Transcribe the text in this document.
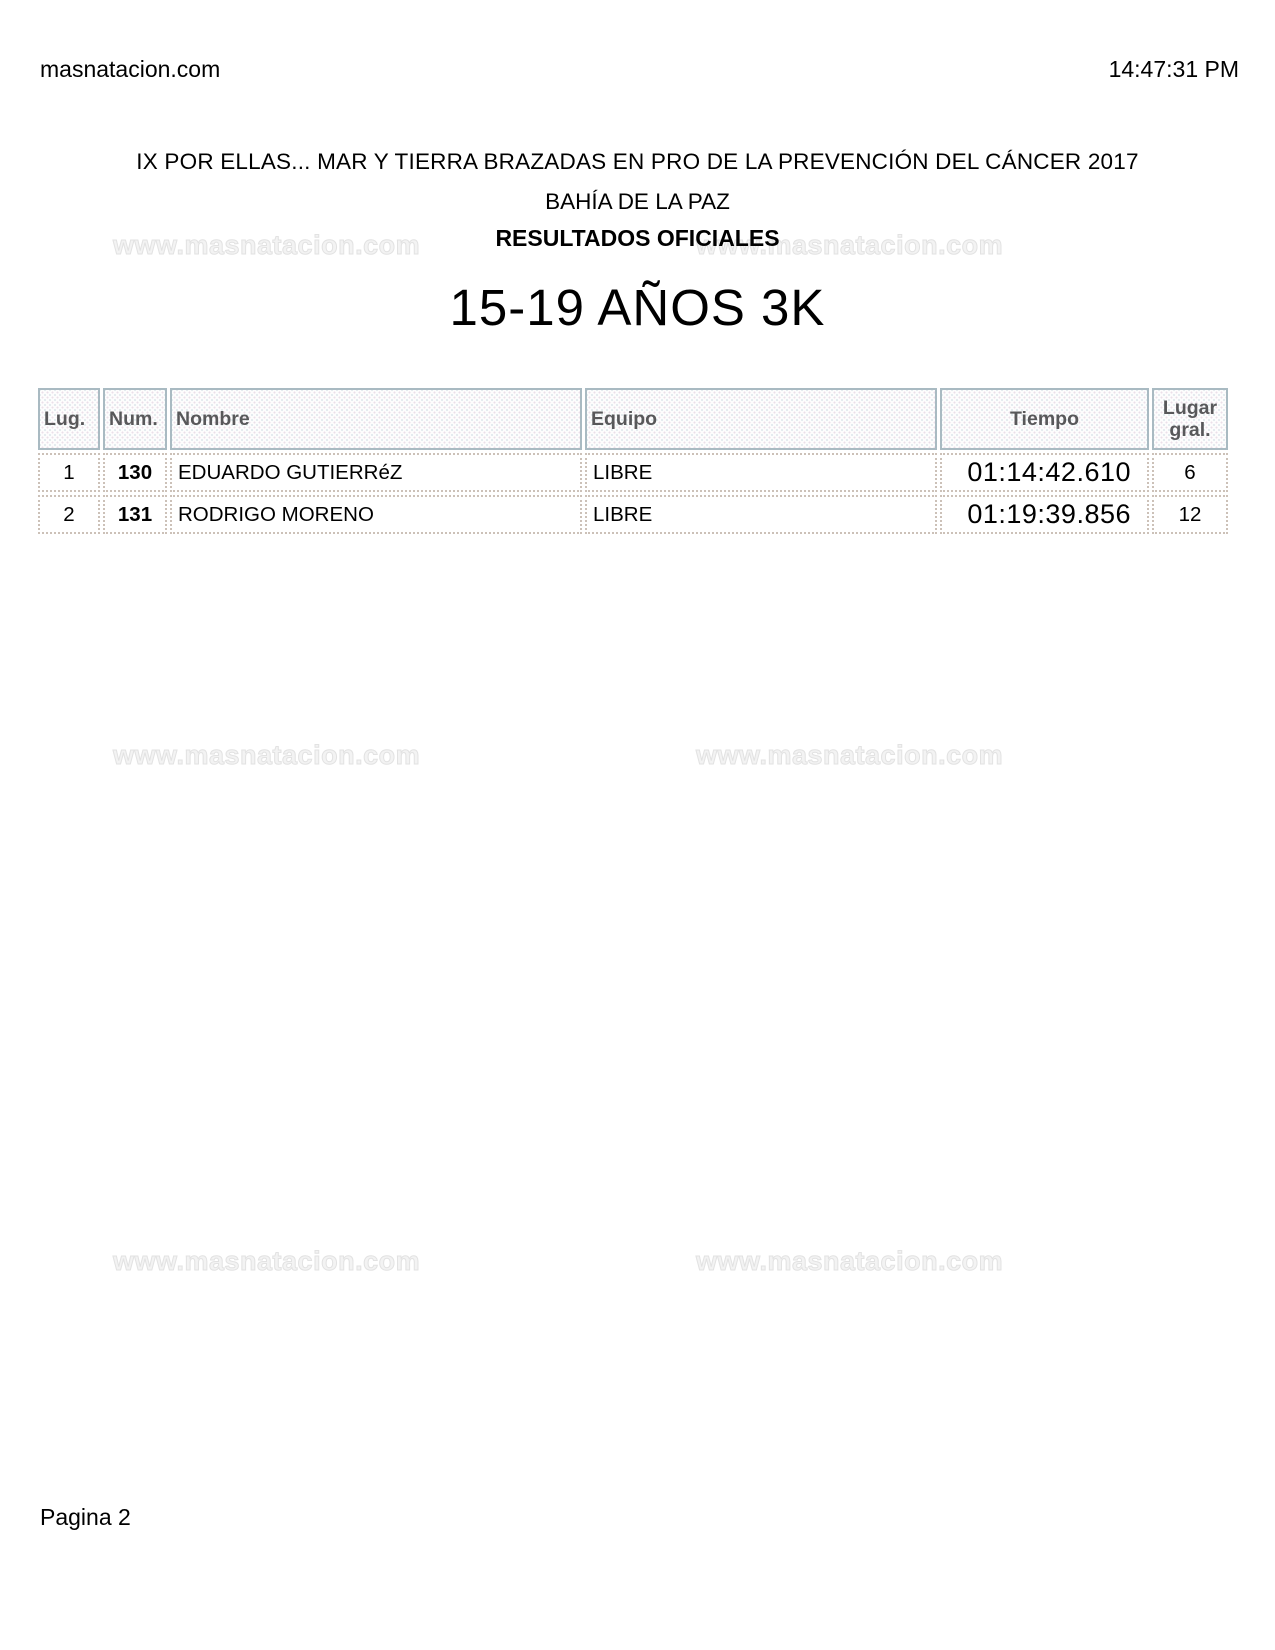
masnatacion.com	14:47:31 PM
www.masnatacion.com	www.masnatacion.com
www.masnatacion.com	www.masnatacion.com
www.masnatacion.com	www.masnatacion.com
IX POR ELLAS... MAR Y TIERRA BRAZADAS EN PRO DE LA PREVENCIÓN DEL CÁNCER 2017
BAHÍA DE LA PAZ
RESULTADOS OFICIALES
15-19 AÑOS 3K
Lug.	Num.	Nombre	Equipo	Tiempo	Lugar gral.
1	130	EDUARDO GUTIERRéZ	LIBRE	01:14:42.610	6
2	131	RODRIGO MORENO	LIBRE	01:19:39.856	12
Pagina 2
